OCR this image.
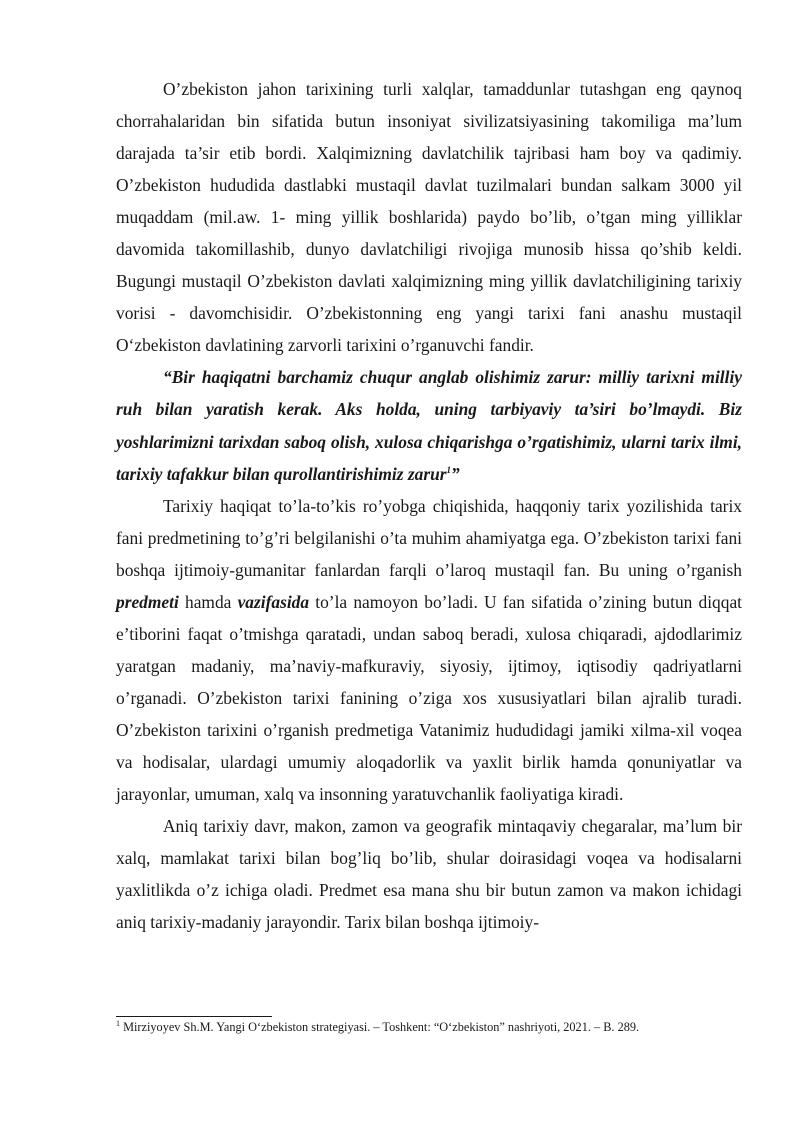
O’zbekiston jahon tarixining turli xalqlar, tamaddunlar tutashgan eng qaynoq chorrahalaridan bin sifatida butun insoniyat sivilizatsiyasining takomiliga ma’lum darajada ta’sir etib bordi. Xalqimizning davlatchilik tajribasi ham boy va qadimiy. O’zbekiston hududida dastlabki mustaqil davlat tuzilmalari bundan salkam 3000 yil muqaddam (mil.aw. 1- ming yillik boshlarida) paydo bo’lib, o’tgan ming yilliklar davomida takomillashib, dunyo davlatchiligi rivojiga munosib hissa qo’shib keldi. Bugungi mustaqil O’zbekiston davlati xalqimizning ming yillik davlatchiligining tarixiy vorisi - davomchisidir. O’zbekistonning eng yangi tarixi fani anashu mustaqil O‘zbekiston davlatining zarvorli tarixini o’rganuvchi fandir.

“Bir haqiqatni barchamiz chuqur anglab olishimiz zarur: milliy tarixni milliy ruh bilan yaratish kerak. Aks holda, uning tarbiyaviy ta’siri bo’lmaydi. Biz yoshlarimizni tarixdan saboq olish, xulosa chiqarishga o’rgatishimiz, ularni tarix ilmi, tarixiy tafakkur bilan qurollantirishimiz zarur$^1$”

Tarixiy haqiqat to’la-to’kis ro’yobga chiqishida, haqqoniy tarix yozilishida tarix fani predmetining to’g’ri belgilanishi o’ta muhim ahamiyatga ega. O’zbekiston tarixi fani boshqa ijtimoiy-gumanitar fanlardan farqli o’laroq mustaqil fan. Bu uning o’rganish predmeti hamda vazifasida to’la namoyon bo’ladi. U fan sifatida o’zining butun diqqat e’tiborini faqat o’tmishga qaratadi, undan saboq beradi, xulosa chiqaradi, ajdodlarimiz yaratgan madaniy, ma’naviy-mafkuraviy, siyosiy, ijtimoy, iqtisodiy qadriyatlarni o’rganadi. O’zbekiston tarixi fanining o’ziga xos xususiyatlari bilan ajralib turadi. O’zbekiston tarixini o’rganish predmetiga Vatanimiz hududidagi jamiki xilma-xil voqea va hodisalar, ulardagi umumiy aloqadorlik va yaxlit birlik hamda qonuniyatlar va jarayonlar, umuman, xalq va insonning yaratuvchanlik faoliyatiga kiradi.

Aniq tarixiy davr, makon, zamon va geografik mintaqaviy chegaralar, ma’lum bir xalq, mamlakat tarixi bilan bog’liq bo’lib, shular doirasidagi voqea va hodisalarni yaxlitlikda o’z ichiga oladi. Predmet esa mana shu bir butun zamon va makon ichidagi aniq tarixiy-madaniy jarayondir. Tarix bilan boshqa ijtimoiy-

$^1$ Mirziyoyev Sh.M. Yangi O‘zbekiston strategiyasi. – Toshkent: “O‘zbekiston” nashriyoti, 2021. – B. 289.
